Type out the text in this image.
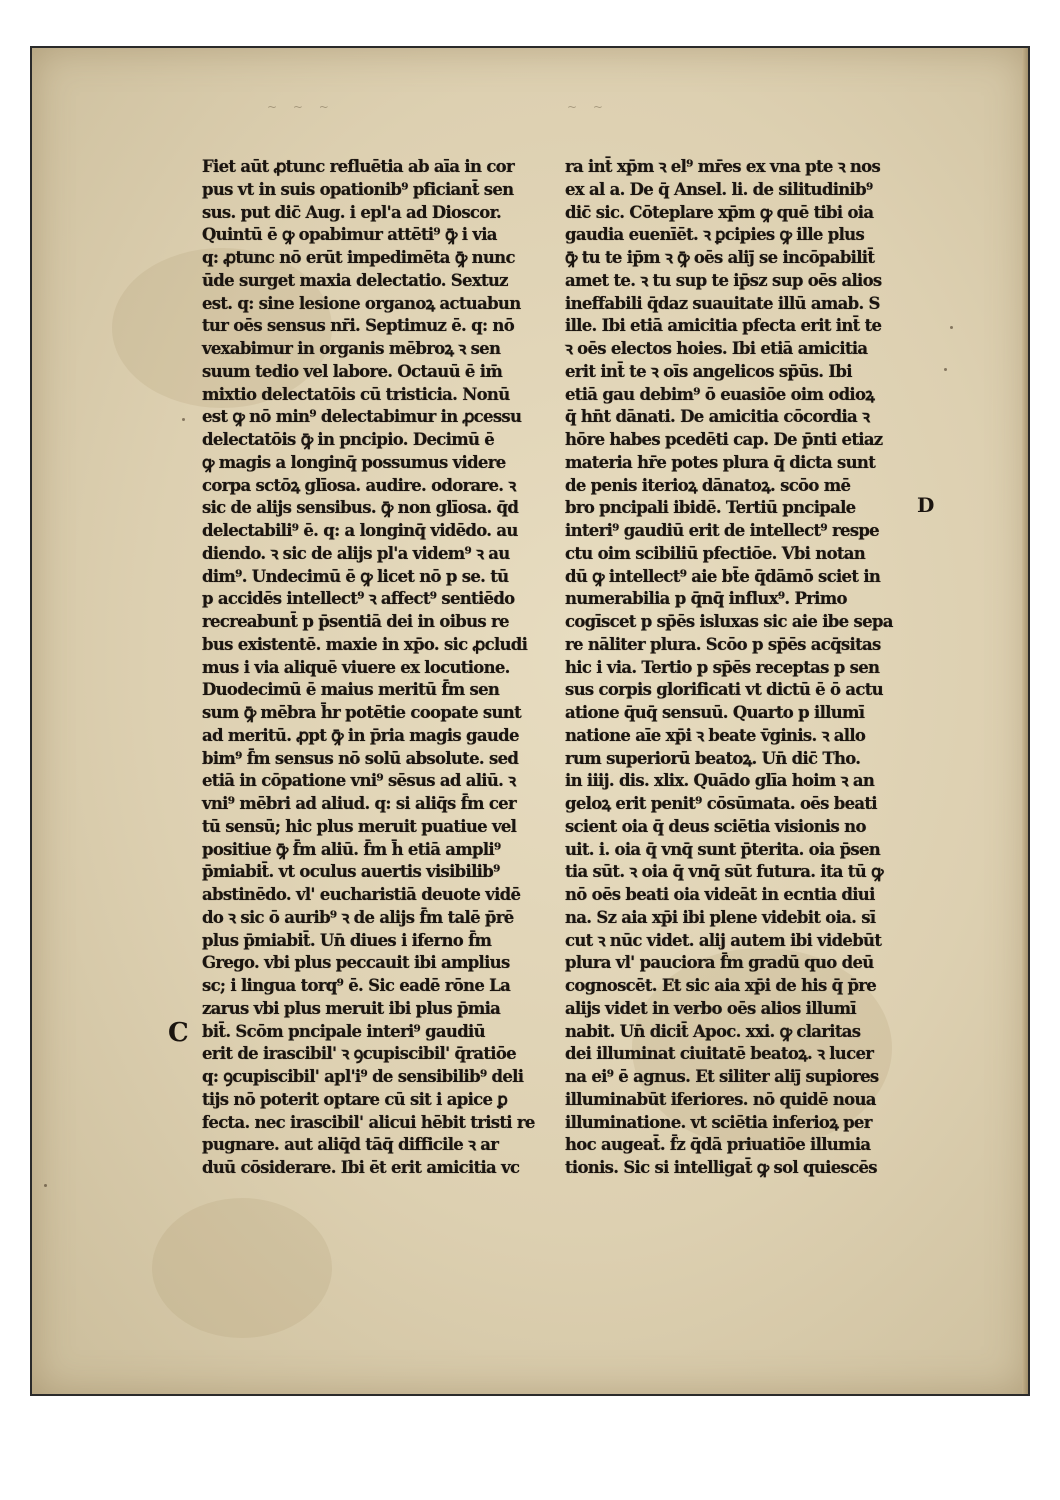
~ ~ ~	~ ~
Fiet aūt ꝓtunc refluētia ab aīa in cor
pus vt in suis opationib⁹ pficiant̄ sen
sus. put dic̄ Aug. i epl'a ad Dioscor.
Quintū ē ꝙ opabimur attēti⁹ ꝙ̄ i via
q: ꝓtunc nō erūt impedimēta ꝙ̄ nunc
ūde surget maxia delectatio. Sextuz
est. q: sine lesione organoꝝ actuabun
tur oēs sensus nr̄i. Septimuz ē. q: nō
vexabimur in organis mēbroꝝ ꝛ sen
suum tedio vel labore. Octauū ē im̄
mixtio delectatōis cū tristicia. Nonū
est ꝙ nō min⁹ delectabimur in ꝓcessu
delectatōis ꝙ̄ in pncipio. Decimū ē
ꝙ magis a longinq̄ possumus videre
corpa sctōꝝ glīosa. audire. odorare. ꝛ
sic de alijs sensibus. ꝙ̄ non glīosa. q̄d
delectabili⁹ ē. q: a longinq̄ vidēdo. au
diendo. ꝛ sic de alijs pl'a videm⁹ ꝛ au
dim⁹. Undecimū ē ꝙ licet nō p se. tū
p accidēs intellect⁹ ꝛ affect⁹ sentiēdo
recreabunt̄ p p̄sentiā dei in oibus re
bus existentē. maxie in xp̄o. sic ꝓcludi
mus i via aliquē viuere ex locutione.
Duodecimū ē maius meritū f̄m sen
sum ꝙ̄ mēbra h̄r potētie coopate sunt
ad meritū. ꝓpt ꝙ̄ in p̄ria magis gaude
bim⁹ f̄m sensus nō solū absolute. sed
etiā in cōpatione vni⁹ sēsus ad aliū. ꝛ
vni⁹ mēbri ad aliud. q: si aliq̄s f̄m cer
tū sensū; hic plus meruit puatiue vel
positiue ꝙ̄ f̄m aliū. f̄m h̄ etiā ampli⁹
p̄miabit̄. vt oculus auertis visibilib⁹
abstinēdo. vl' eucharistiā deuote vidē
do ꝛ sic ō aurib⁹ ꝛ de alijs f̄m talē p̄rē
plus p̄miabit̄. Un̄ diues i iferno f̄m
Grego. vbi plus peccauit ibi amplius
sc; i lingua torq⁹ ē. Sic eadē rōne La
zarus vbi plus meruit ibi plus p̄mia
bit̄. Scōm pncipale interi⁹ gaudiū
erit de irascibil' ꝛ ꝯcupiscibil' q̄ratiōe
q: ꝯcupiscibil' apl'i⁹ de sensibilib⁹ deli
tijs nō poterit optare cū sit i apice ꝑ
fecta. nec irascibil' alicui hēbit tristi re
pugnare. aut aliq̄d tāq̄ difficile ꝛ ar
duū cōsiderare. Ibi ēt erit amicitia vc
ra int̄ xp̄m ꝛ el⁹ mr̄es ex vna pte ꝛ nos
ex al a. De q̄ Ansel. li. de silitudinib⁹
dic̄ sic. Cōteplare xp̄m ꝙ quē tibi oia
gaudia euenīēt. ꝛ ꝑcipies ꝙ ille plus
ꝙ̄ tu te ip̄m ꝛ ꝙ̄ oēs aliȷ̄ se incōpabilit̄
amet te. ꝛ tu sup te ip̄sz sup oēs alios
ineffabili q̄daz suauitate illū amab. S
ille. Ibi etiā amicitia pfecta erit int̄ te
ꝛ oēs electos hoies. Ibi etiā amicitia
erit int̄ te ꝛ oīs angelicos sp̄ūs. Ibi
etiā gau debim⁹ ō euasiōe oim odioꝝ
q̄ hn̄t dānati. De amicitia cōcordia ꝛ
hōre habes pcedēti cap. De p̄nti etiaz
materia hr̄e potes plura q̄ dicta sunt
de penis iterioꝝ dānatoꝝ. scōo mē
bro pncipali ibidē. Tertiū pncipale
interi⁹ gaudiū erit de intellect⁹ respe
ctu oim scibiliū pfectiōe. Vbi notan
dū ꝙ intellect⁹ aie bt̄e q̄dāmō sciet in
numerabilia p q̄nq̄ influx⁹. Primo
cogīscet p sp̄ēs isluxas sic aie ibe sepa
re nāliter plura. Scōo p sp̄ēs acq̄sitas
hic i via. Tertio p sp̄ēs receptas p sen
sus corpis glorificati vt dictū ē ō actu
atione q̄uq̄ sensuū. Quarto p illumī
natione aīe xp̄i ꝛ beate v̄ginis. ꝛ allo
rum superiorū beatoꝝ. Un̄ dic̄ Tho.
in iiij. dis. xlix. Quādo glīa hoim ꝛ an
geloꝝ erit penit⁹ cōsūmata. oēs beati
scient oia q̄ deus sciētia visionis no
uit. i. oia q̄ vnq̄ sunt p̄terita. oia p̄sen
tia sūt. ꝛ oia q̄ vnq̄ sūt futura. ita tū ꝙ
nō oēs beati oia videāt in ecntia diui
na. Sz aia xp̄i ibi plene videbit oia. sī
cut ꝛ nūc videt. alij autem ibi videbūt
plura vl' pauciora f̄m gradū quo deū
cognoscēt. Et sic aia xp̄i de his q̄ p̄re
alijs videt in verbo oēs alios illumī
nabit. Un̄ dicit̄ Apoc. xxi. ꝙ claritas
dei illuminat ciuitatē beatoꝝ. ꝛ lucer
na ei⁹ ē agnus. Et siliter aliȷ̄ supiores
illuminabūt iferiores. nō quidē noua
illuminatione. vt sciētia inferioꝝ per
hoc augeat̄. f̄z q̄dā priuatiōe illumia
tionis. Sic si intelligat̄ ꝙ sol quiescēs
C
D
